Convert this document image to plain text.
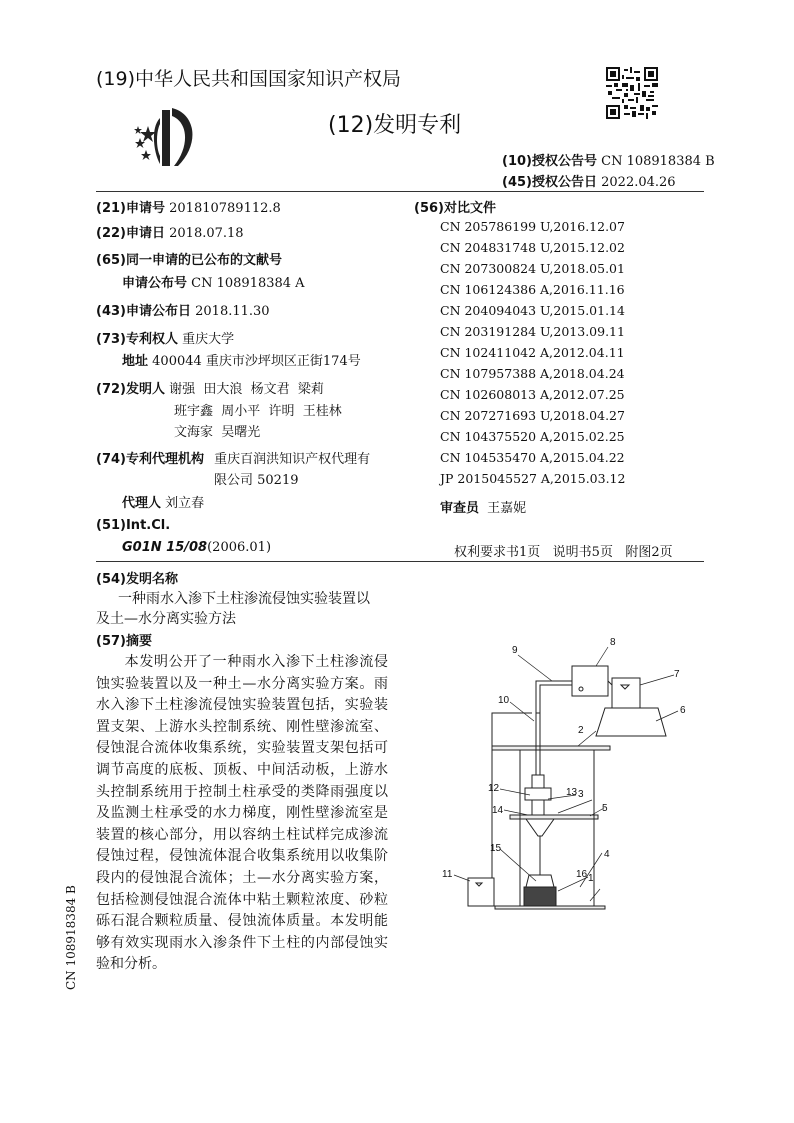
(19)中华人民共和国国家知识产权局
(12)发明专利
(10)授权公告号 CN 108918384 B
(45)授权公告日 2022.04.26
(21)申请号 201810789112.8
(22)申请日 2018.07.18
(65)同一申请的已公布的文献号
申请公布号 CN 108918384 A
(43)申请公布日 2018.11.30
(73)专利权人 重庆大学
地址 400044 重庆市沙坪坝区正街174号
(72)发明人 谢强  田大浪  杨文君  梁莉
班宇鑫  周小平  许明  王桂林
文海家  吴曙光
(74)专利代理机构 重庆百润洪知识产权代理有
限公司 50219
代理人 刘立春
(51)Int.Cl.
G01N 15/08(2006.01)
(56)对比文件
CN 205786199 U,2016.12.07
CN 204831748 U,2015.12.02
CN 207300824 U,2018.05.01
CN 106124386 A,2016.11.16
CN 204094043 U,2015.01.14
CN 203191284 U,2013.09.11
CN 102411042 A,2012.04.11
CN 107957388 A,2018.04.24
CN 102608013 A,2012.07.25
CN 207271693 U,2018.04.27
CN 104375520 A,2015.02.25
CN 104535470 A,2015.04.22
JP 2015045527 A,2015.03.12
审查员 王嘉妮
权利要求书1页   说明书5页   附图2页
(54)发明名称
一种雨水入渗下土柱渗流侵蚀实验装置以
及土—水分离实验方法
(57)摘要
本发明公开了一种雨水入渗下土柱渗流侵蚀实验装置以及一种土—水分离实验方案。雨水入渗下土柱渗流侵蚀实验装置包括，实验装置支架、上游水头控制系统、刚性壁渗流室、侵蚀混合流体收集系统，实验装置支架包括可调节高度的底板、顶板、中间活动板，上游水头控制系统用于控制土柱承受的类降雨强度以及监测土柱承受的水力梯度，刚性壁渗流室是装置的核心部分，用以容纳土柱试样完成渗流侵蚀过程，侵蚀流体混合收集系统用以收集阶段内的侵蚀混合流体；土—水分离实验方案，包括检测侵蚀混合流体中粘土颗粒浓度、砂粒砾石混合颗粒质量、侵蚀流体质量。本发明能够有效实现雨水入渗条件下土柱的内部侵蚀实验和分析。
1
2
3
4
5
6
7
8
9
10
11
12	13
14
15
16
CN 108918384 B
